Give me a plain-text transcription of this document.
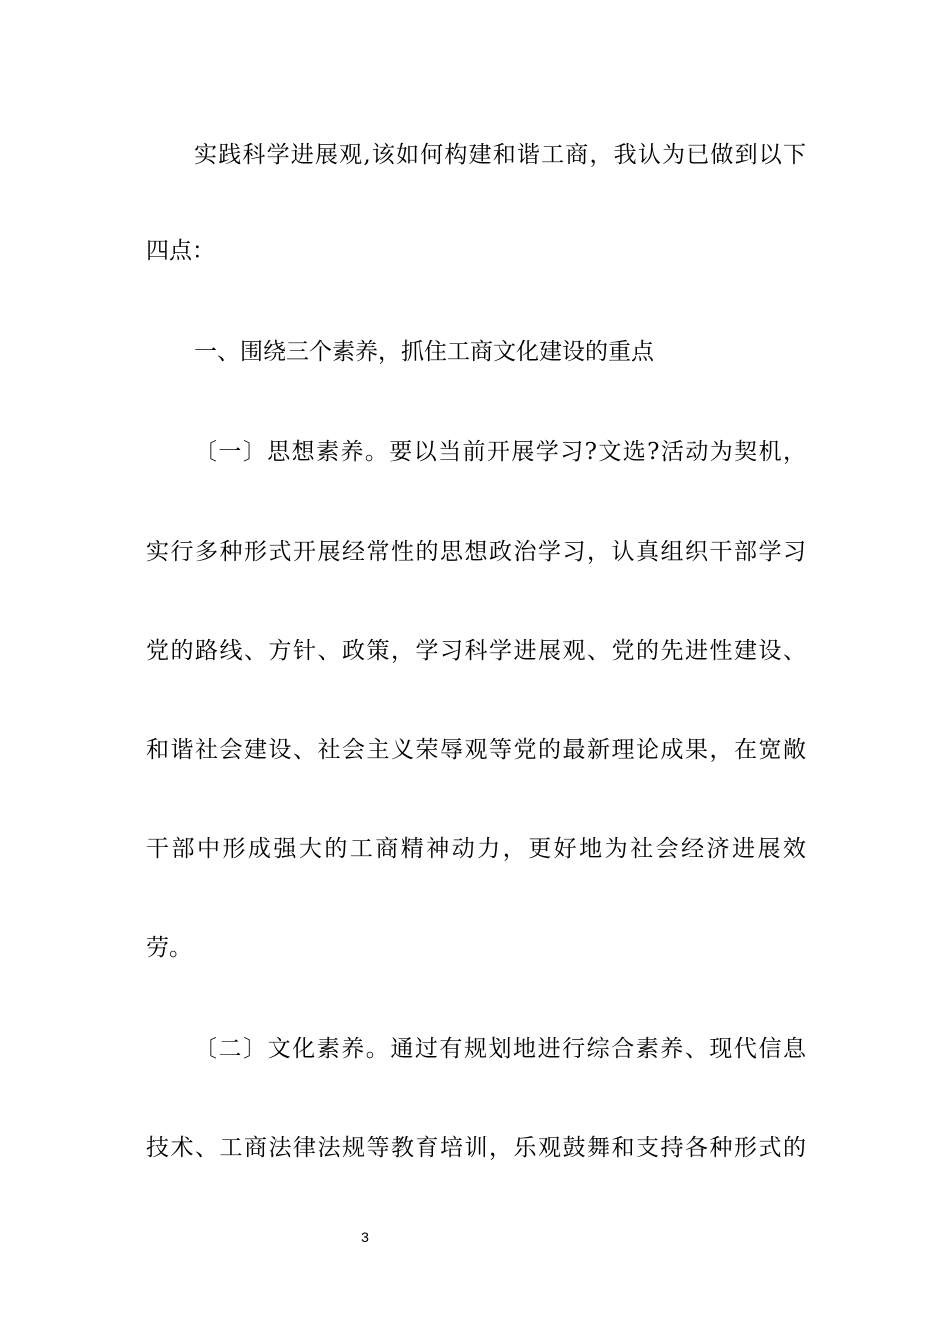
实践科学进展观,该如何构建和谐工商，我认为已做到以下
四点：
一、围绕三个素养，抓住工商文化建设的重点
〔一〕思想素养。要以当前开展学习?文选?活动为契机，
实行多种形式开展经常性的思想政治学习，认真组织干部学习
党的路线、方针、政策，学习科学进展观、党的先进性建设、
和谐社会建设、社会主义荣辱观等党的最新理论成果，在宽敞
干部中形成强大的工商精神动力，更好地为社会经济进展效
劳。
〔二〕文化素养。通过有规划地进行综合素养、现代信息
技术、工商法律法规等教育培训，乐观鼓舞和支持各种形式的
3
